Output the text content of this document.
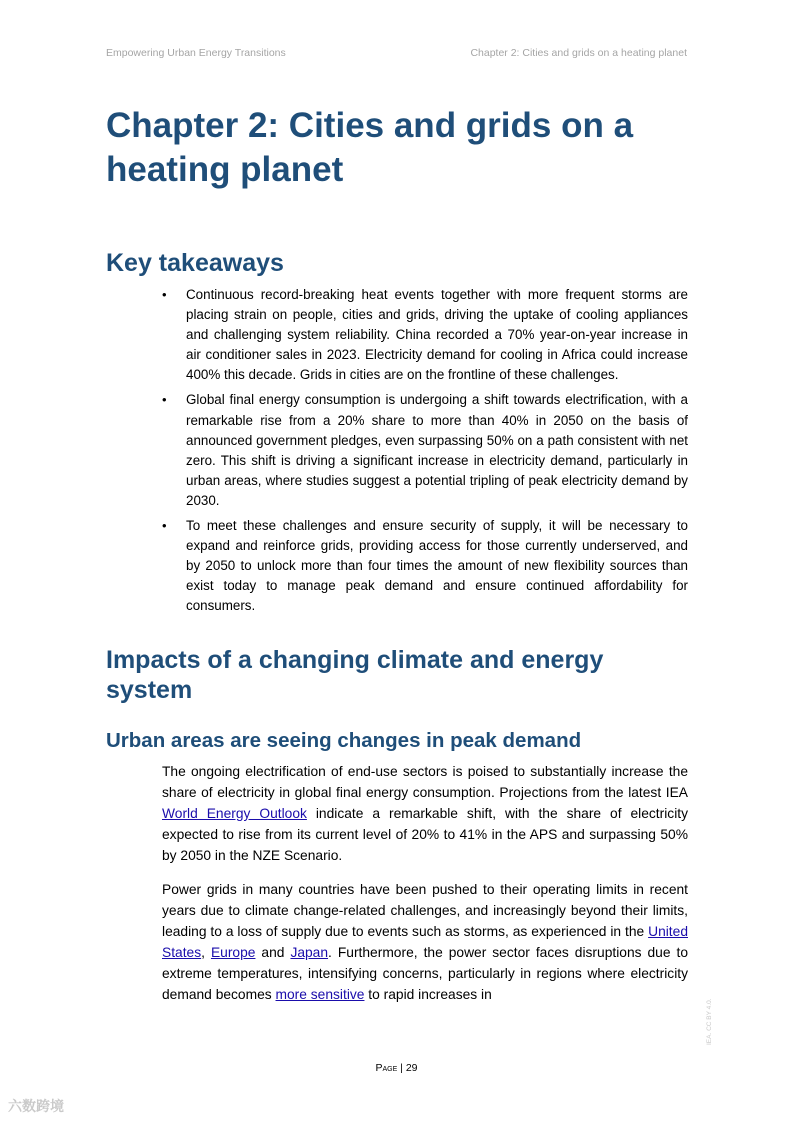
Empowering Urban Energy Transitions	Chapter 2: Cities and grids on a heating planet
Chapter 2: Cities and grids on a heating planet
Key takeaways
• Continuous record-breaking heat events together with more frequent storms are placing strain on people, cities and grids, driving the uptake of cooling appliances and challenging system reliability. China recorded a 70% year-on-year increase in air conditioner sales in 2023. Electricity demand for cooling in Africa could increase 400% this decade. Grids in cities are on the frontline of these challenges.
• Global final energy consumption is undergoing a shift towards electrification, with a remarkable rise from a 20% share to more than 40% in 2050 on the basis of announced government pledges, even surpassing 50% on a path consistent with net zero. This shift is driving a significant increase in electricity demand, particularly in urban areas, where studies suggest a potential tripling of peak electricity demand by 2030.
• To meet these challenges and ensure security of supply, it will be necessary to expand and reinforce grids, providing access for those currently underserved, and by 2050 to unlock more than four times the amount of new flexibility sources than exist today to manage peak demand and ensure continued affordability for consumers.
Impacts of a changing climate and energy system
Urban areas are seeing changes in peak demand

The ongoing electrification of end-use sectors is poised to substantially increase the share of electricity in global final energy consumption. Projections from the latest IEA World Energy Outlook indicate a remarkable shift, with the share of electricity expected to rise from its current level of 20% to 41% in the APS and surpassing 50% by 2050 in the NZE Scenario.

Power grids in many countries have been pushed to their operating limits in recent years due to climate change-related challenges, and increasingly beyond their limits, leading to a loss of supply due to events such as storms, as experienced in the United States, Europe and Japan. Furthermore, the power sector faces disruptions due to extreme temperatures, intensifying concerns, particularly in regions where electricity demand becomes more sensitive to rapid increases in

Page | 29
IEA. CC BY 4.0.
六数跨境
